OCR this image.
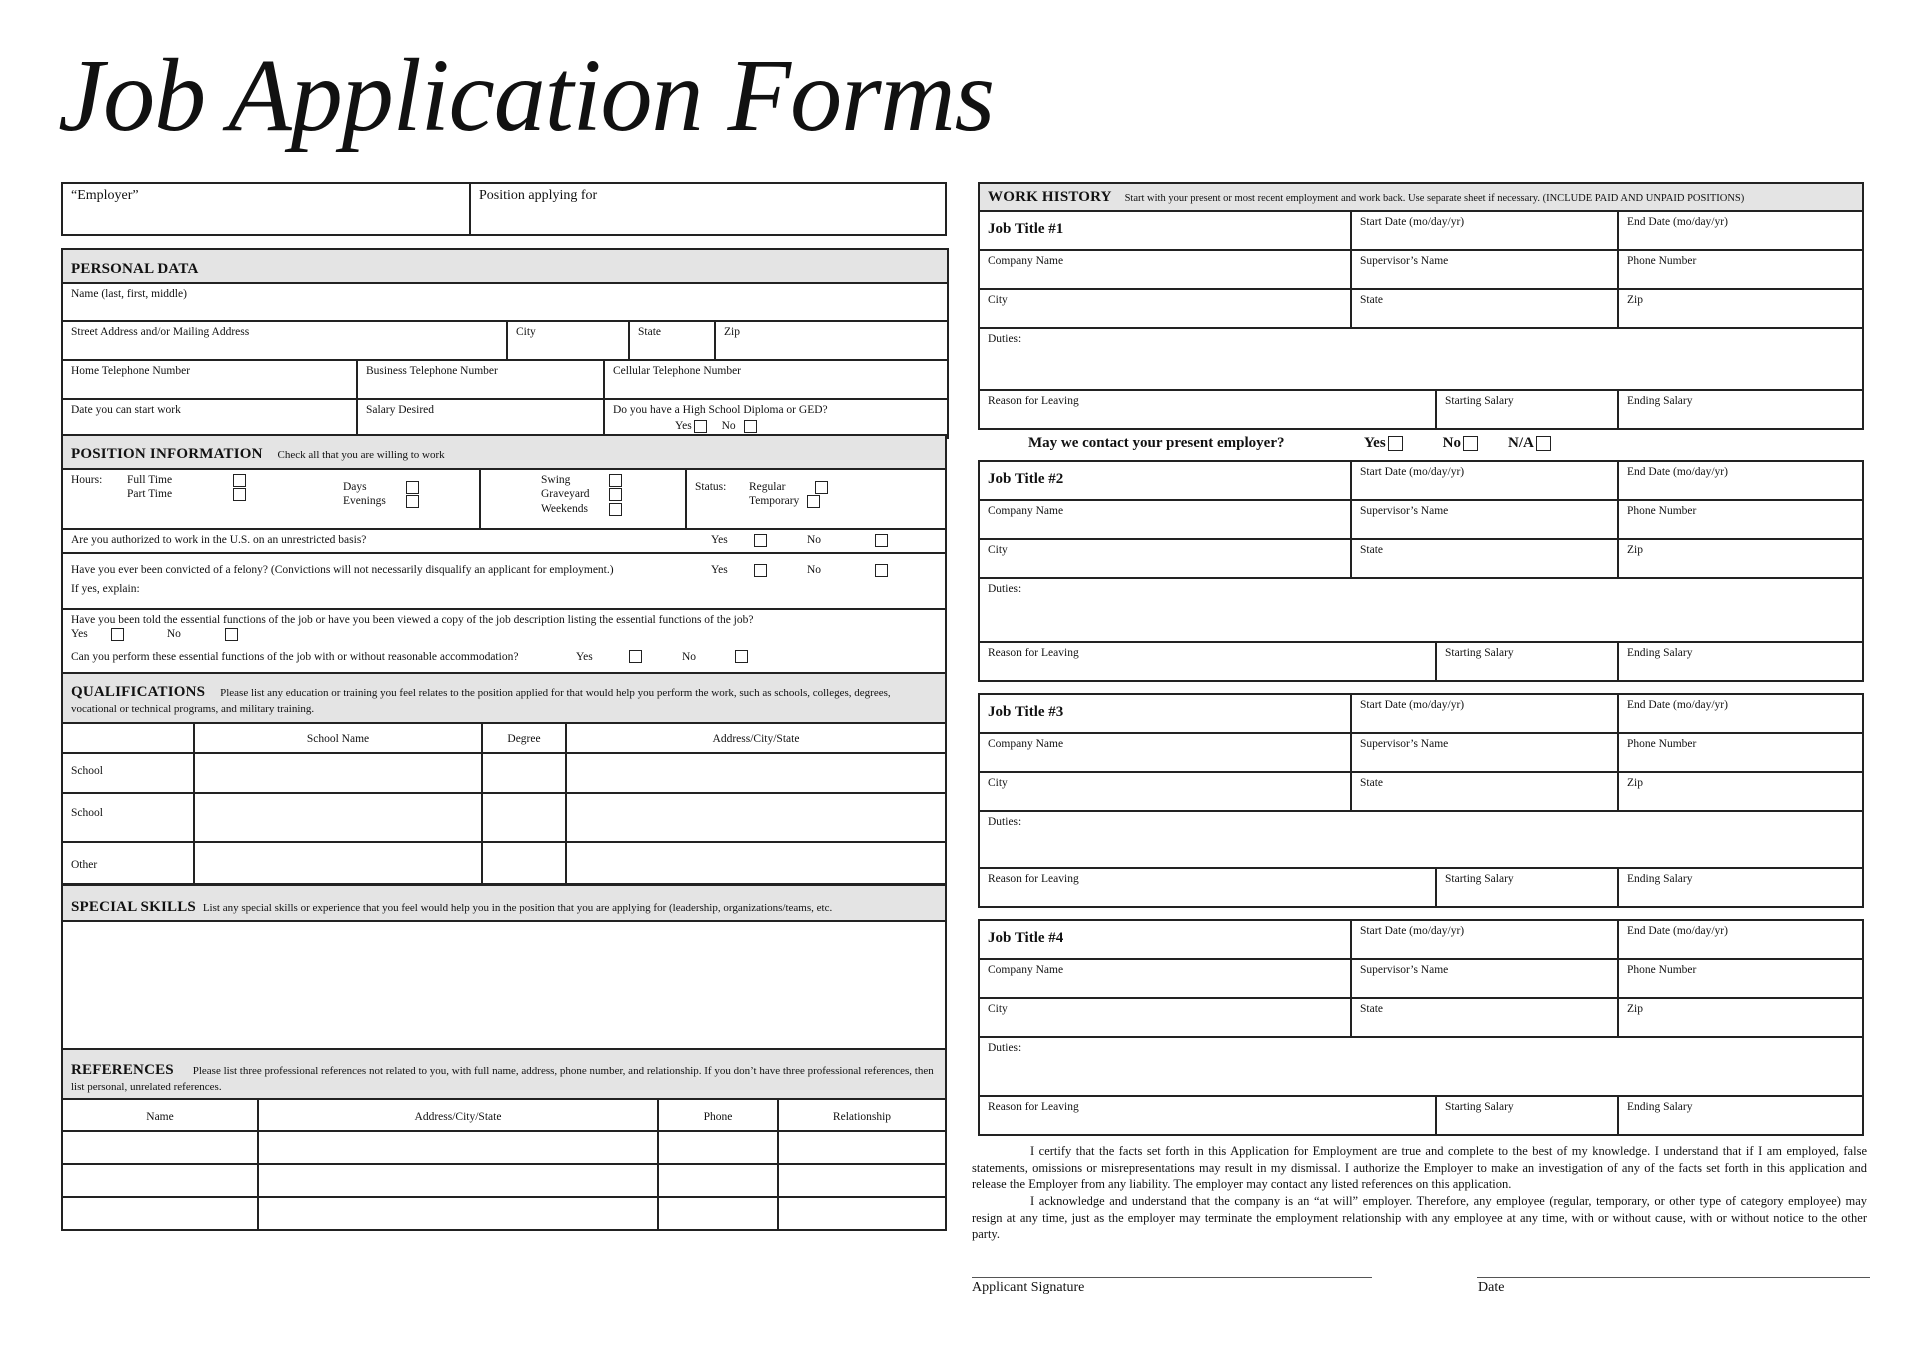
Job Application Forms
“Employer”	Position applying for
PERSONAL DATA					
Name (last, first, middle)					
Street Address and/or Mailing Address		City		State	Zip
Home Telephone Number	Business Telephone Number		Cellular Telephone Number		
Date you can start work	Salary Desired		Do you have a High School Diploma or GED?
Yes No		
POSITION INFORMATION Check all that you are willing to work

Hours:	Full Time
Part Time

Days
Evenings

Swing
Graveyard
Weekends

Status:	Regular
Temporary

Are you authorized to work in the U.S. on an unrestricted basis?	Yes	No

Have you ever been convicted of a felony? (Convictions will not necessarily disqualify an applicant for employment.)	Yes	No
If yes, explain:

Have you been told the essential functions of the job or have you been viewed a copy of the job description listing the essential functions of the job?
Yes	No
Can you perform these essential functions of the job with or without reasonable accommodation?	Yes	No
QUALIFICATIONS Please list any education or training you feel relates to the position applied for that would help you perform the work, such as schools, colleges, degrees, vocational or technical programs, and military training.			
	School Name	Degree	Address/City/State
School			
School			
Other			
SPECIAL SKILLS List any special skills or experience that you feel would help you in the position that you are applying for (leadership, organizations/teams, etc.

REFERENCES Please list three professional references not related to you, with full name, address, phone number, and relationship. If you don’t have three professional references, then list personal, unrelated references.			
Name	Address/City/State	Phone	Relationship

WORK HISTORY Start with your present or most recent employment and work back. Use separate sheet if necessary. (INCLUDE PAID AND UNPAID POSITIONS)			
Job Title #1	Start Date (mo/day/yr)		End Date (mo/day/yr)
Company Name	Supervisor’s Name		Phone Number
City	State		Zip
Duties:			
Reason for Leaving		Starting Salary	Ending Salary
May we contact your present employer?	Yes	No	N/A
Job Title #2	Start Date (mo/day/yr)		End Date (mo/day/yr)
Company Name	Supervisor’s Name		Phone Number
City	State		Zip
Duties:			
Reason for Leaving		Starting Salary	Ending Salary
Job Title #3	Start Date (mo/day/yr)		End Date (mo/day/yr)
Company Name	Supervisor’s Name		Phone Number
City	State		Zip
Duties:			
Reason for Leaving		Starting Salary	Ending Salary
Job Title #4	Start Date (mo/day/yr)		End Date (mo/day/yr)
Company Name	Supervisor’s Name		Phone Number
City	State		Zip
Duties:			
Reason for Leaving		Starting Salary	Ending Salary

I certify that the facts set forth in this Application for Employment are true and complete to the best of my knowledge. I understand that if I am employed, false statements, omissions or misrepresentations may result in my dismissal. I authorize the Employer to make an investigation of any of the facts set forth in this application and release the Employer from any liability. The employer may contact any listed references on this application.

I acknowledge and understand that the company is an “at will” employer. Therefore, any employee (regular, temporary, or other type of category employee) may resign at any time, just as the employer may terminate the employment relationship with any employee at any time, with or without cause, with or without notice to the other party.

Applicant Signature	Date
